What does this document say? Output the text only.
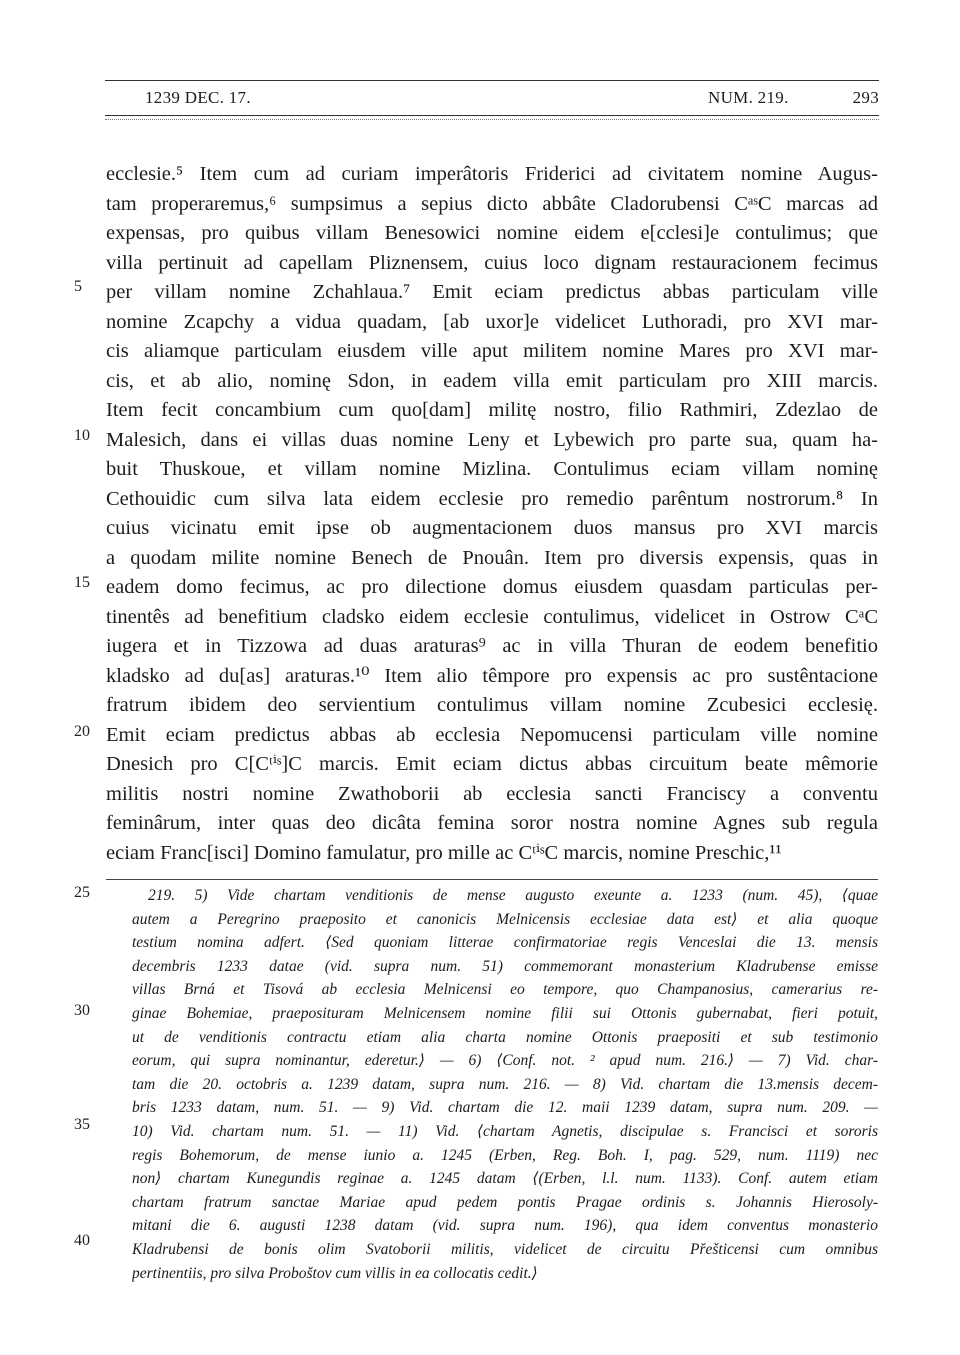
1239 DEC. 17.	NUM. 219.	293
ecclesie.⁵ Item cum ad curiam imperâtoris Friderici ad civitatem nomine Augus-
tam properaremus,⁶ sumpsimus a sepius dicto abbâte Cladorubensi CᵃˢC marcas ad
expensas, pro quibus villam Benesowici nomine eidem e[cclesi]e contulimus; que
villa pertinuit ad capellam Pliznensem, cuius loco dignam restauracionem fecimus
per villam nomine Zchahlaua.⁷ Emit eciam predictus abbas particulam ville
nomine Zcapchy a vidua quadam, [ab uxor]e videlicet Luthoradi, pro XVI mar-
cis aliamque particulam eiusdem ville aput militem nomine Mares pro XVI mar-
cis, et ab alio, nominę Sdon, in eadem villa emit particulam pro XIII marcis.
Item fecit concambium cum quo[dam] militę nostro, filio Rathmiri, Zdezlao de
Malesich, dans ei villas duas nomine Leny et Lybewich pro parte sua, quam ha-
buit Thuskoue, et villam nomine Mizlina. Contulimus eciam villam nominę
Cethouidic cum silva lata eidem ecclesie pro remedio parêntum nostrorum.⁸ In
cuius vicinatu emit ipse ob augmentacionem duos mansus pro XVI marcis
a quodam milite nomine Benech de Pnouân. Item pro diversis expensis, quas in
eadem domo fecimus, ac pro dilectione domus eiusdem quasdam particulas per-
tinentês ad benefitium cladsko eidem ecclesie contulimus, videlicet in Ostrow CᵃC
iugera et in Tizzowa ad duas araturas⁹ ac in villa Thuran de eodem benefitio
kladsko ad du[as] araturas.¹⁰ Item alio têmpore pro expensis ac pro sustêntacione
fratrum ibidem deo servientium contulimus villam nomine Zcubesici ecclesię.
Emit eciam predictus abbas ab ecclesia Nepomucensi particulam ville nomine
Dnesich pro C[Cᵗⁱˢ]C marcis. Emit eciam dictus abbas circuitum beate mêmorie
militis nostri nomine Zwathoborii ab ecclesia sancti Franciscy a conventu
feminârum, inter quas deo dicâta femina soror nostra nomine Agnes sub regula
eciam Franc[isci] Domino famulatur, pro mille ac CᵗⁱˢC marcis, nomine Preschic,¹¹
5
10
15
20
25
30
35
40
219. 5) Vide chartam venditionis de mense augusto exeunte a. 1233 (num. 45), ⟨quae
autem a Peregrino praeposito et canonicis Melnicensis ecclesiae data est⟩ et alia quoque
testium nomina adfert. ⟨Sed quoniam litterae confirmatoriae regis Venceslai die 13. mensis
decembris 1233 datae (vid. supra num. 51) commemorant monasterium Kladrubense emisse
villas Brná et Tisová ab ecclesia Melnicensi eo tempore, quo Champanosius, camerarius re-
ginae Bohemiae, praeposituram Melnicensem nomine filii sui Ottonis gubernabat, fieri potuit,
ut de venditionis contractu etiam alia charta nomine Ottonis praepositi et sub testimonio
eorum, qui supra nominantur, ederetur.⟩ — 6) ⟨Conf. not. ² apud num. 216.⟩ — 7) Vid. char-
tam die 20. octobris a. 1239 datam, supra num. 216. — 8) Vid. chartam die 13.mensis decem-
bris 1233 datam, num. 51. — 9) Vid. chartam die 12. maii 1239 datam, supra num. 209. —
10) Vid. chartam num. 51. — 11) Vid. ⟨chartam Agnetis, discipulae s. Francisci et sororis
regis Bohemorum, de mense iunio a. 1245 (Erben, Reg. Boh. I, pag. 529, num. 1119) nec
non⟩ chartam Kunegundis reginae a. 1245 datam ⟨(Erben, l.l. num. 1133). Conf. autem etiam
chartam fratrum sanctae Mariae apud pedem pontis Pragae ordinis s. Johannis Hierosoly-
mitani die 6. augusti 1238 datam (vid. supra num. 196), qua idem conventus monasterio
Kladrubensi de bonis olim Svatoborii militis, videlicet de circuitu Přešticensi cum omnibus
pertinentiis, pro silva Proboštov cum villis in ea collocatis cedit.⟩
